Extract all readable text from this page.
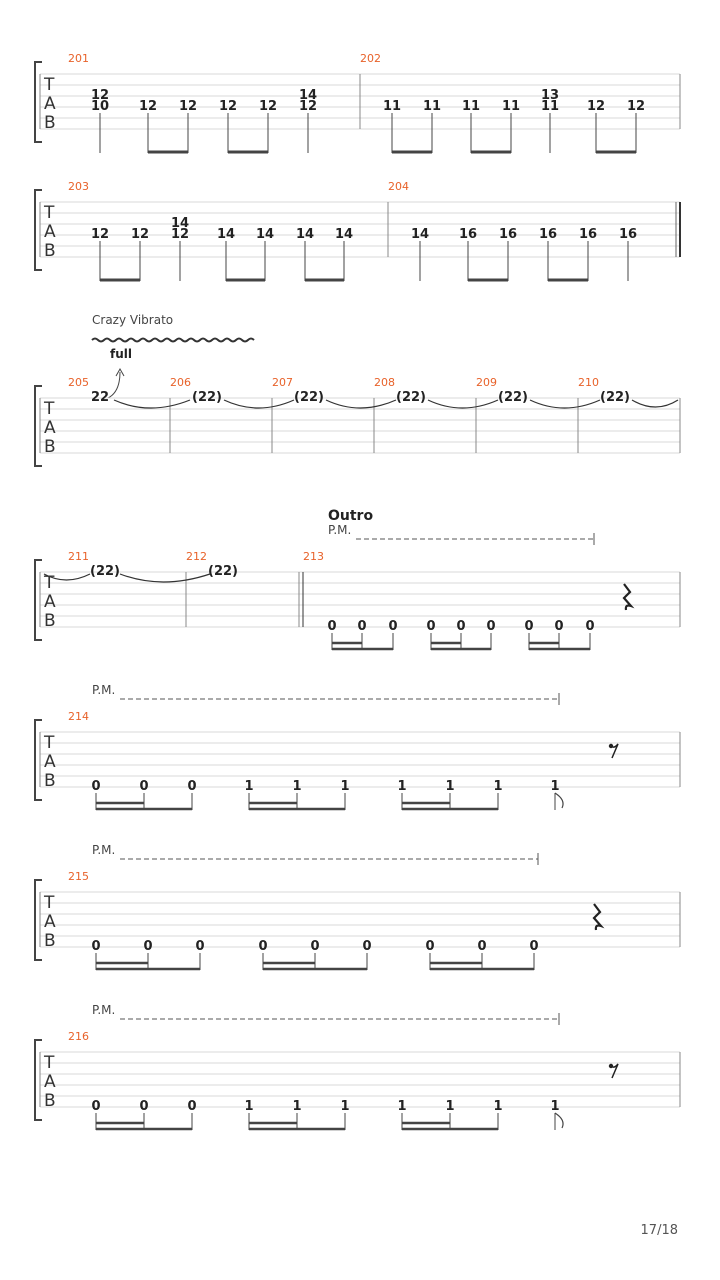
T
A
B
201	202
12
10 12 12 12 12
14
12	11 11 11 11
13
11 12 12
T
A
B
203	204
12 12
14
12 14 14 14 14	14 16 16 16 16 16
Crazy Vibrato
full
T
A
B
205	206	207	208	209	210
22	(22)	(22)	(22)	(22)	(22)
Outro
P.M.
T
A
B
211	212	213
(22)	(22)
0 0 0 0 0 0 0 0 0
P.M.
T
A
B
214
0	0	0	1	1	1	1	1	1	1
P.M.
T
A
B
215
0	0	0	0	0	0	0	0	0
P.M.
T
A
B
216
0	0	0	1	1	1	1	1	1	1
17/18
